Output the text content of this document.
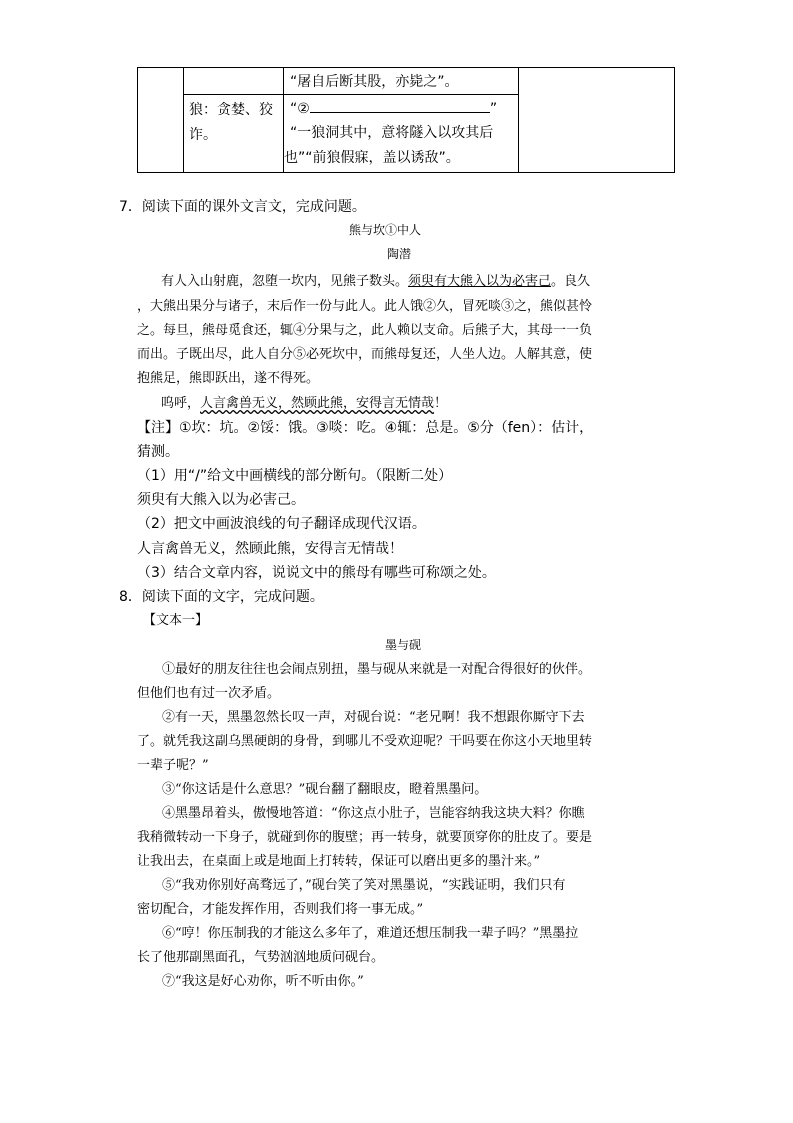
“屠自后断其股，亦毙之”。
狼：贪婪、狡
诈。
“②	”
“一狼洞其中，意将隧入以攻其后
也”“前狼假寐，盖以诱敌”。
7．阅读下面的课外文言文，完成问题。
熊与坎①中人
陶潜
有人入山射鹿，忽堕一坎内，见熊子数头。须臾有大熊入以为必害己。良久
，大熊出果分与诸子，末后作一份与此人。此人饿②久，冒死啖③之，熊似甚怜
之。每旦，熊母觅食还，辄④分果与之，此人赖以支命。后熊子大，其母一一负
而出。子既出尽，此人自分⑤必死坎中，而熊母复还，人坐人边。人解其意，使
抱熊足，熊即跃出，遂不得死。
呜呼，人言禽兽无义，然顾此熊，安得言无情哉！
【注】①坎：坑。②馁：饿。③啖：吃。④辄：总是。⑤分（fen）：估计，
猜测。
（1）用“/”给文中画横线的部分断句。（限断二处）
须臾有大熊入以为必害己。
（2）把文中画波浪线的句子翻译成现代汉语。
人言禽兽无义，然顾此熊，安得言无情哉！
（3）结合文章内容，说说文中的熊母有哪些可称颂之处。
8．阅读下面的文字，完成问题。
【文本一】
墨与砚
①最好的朋友往往也会闹点别扭，墨与砚从来就是一对配合得很好的伙伴。
但他们也有过一次矛盾。
②有一天，黑墨忽然长叹一声，对砚台说：“老兄啊！我不想跟你厮守下去
了。就凭我这副乌黑硬朗的身骨，到哪儿不受欢迎呢？干吗要在你这小天地里转
一辈子呢？”
③“你这话是什么意思？”砚台翻了翻眼皮，瞪着黑墨问。
④黑墨昂着头，傲慢地答道：“你这点小肚子，岂能容纳我这块大料？你瞧
我稍微转动一下身子，就碰到你的腹壁；再一转身，就要顶穿你的肚皮了。要是
让我出去，在桌面上或是地面上打转转，保证可以磨出更多的墨汁来。”
⑤“我劝你别好高骛远了，”砚台笑了笑对黑墨说，“实践证明，我们只有
密切配合，才能发挥作用，否则我们将一事无成。”
⑥“哼！你压制我的才能这么多年了，难道还想压制我一辈子吗？”黑墨拉
长了他那副黑面孔，气势汹汹地质问砚台。
⑦“我这是好心劝你，听不听由你。”
